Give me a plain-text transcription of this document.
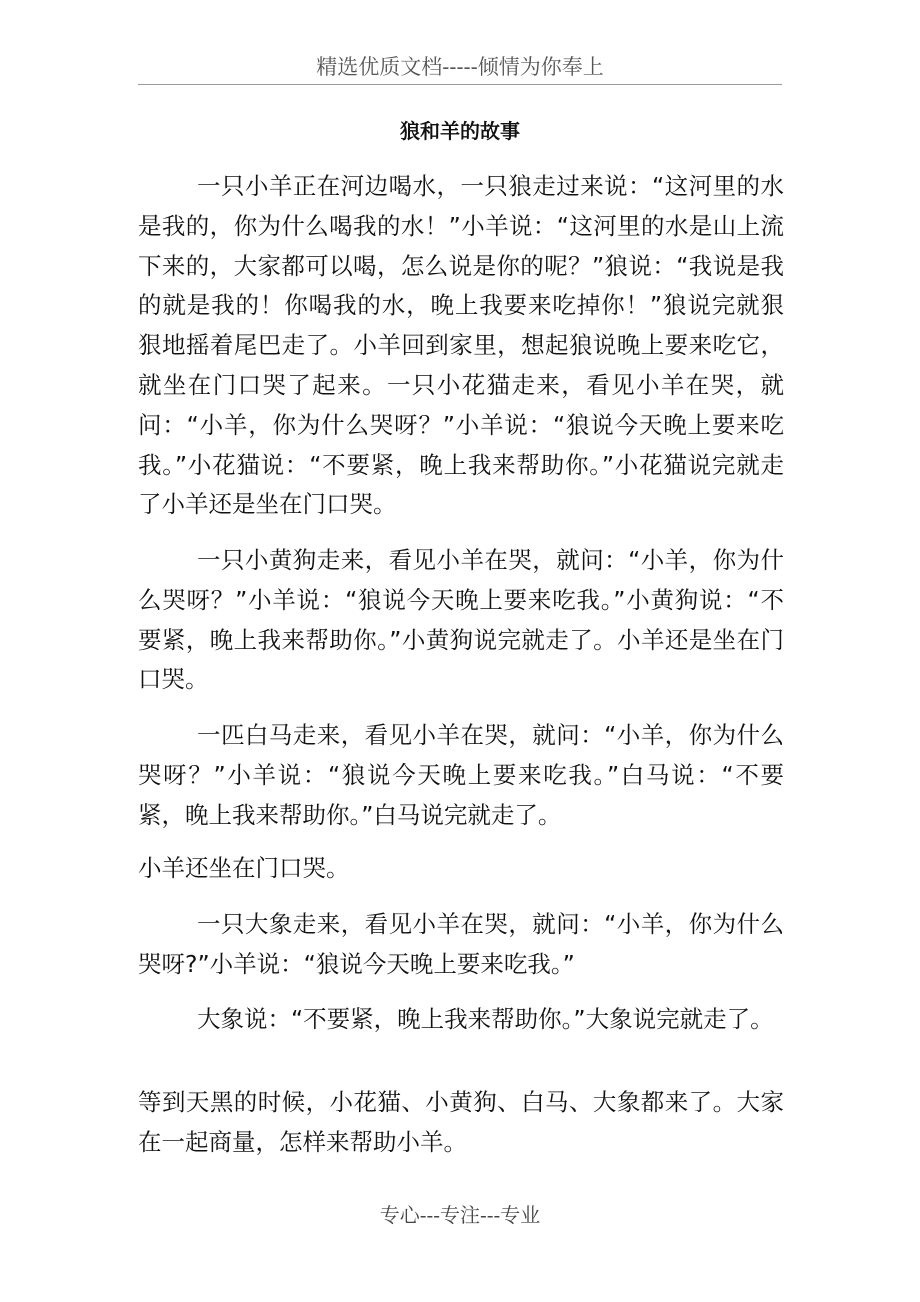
精选优质文档-----倾情为你奉上
狼和羊的故事

一只小羊正在河边喝水，一只狼走过来说：“这河里的水是我的，你为什么喝我的水！”小羊说：“这河里的水是山上流下来的，大家都可以喝，怎么说是你的呢？”狼说：“我说是我的就是我的！你喝我的水，晚上我要来吃掉你！”狼说完就狠狠地摇着尾巴走了。小羊回到家里，想起狼说晚上要来吃它，就坐在门口哭了起来。一只小花猫走来，看见小羊在哭，就问：“小羊，你为什么哭呀？”小羊说：“狼说今天晚上要来吃我。”小花猫说：“不要紧，晚上我来帮助你。”小花猫说完就走了小羊还是坐在门口哭。

一只小黄狗走来，看见小羊在哭，就问：“小羊，你为什么哭呀？”小羊说：“狼说今天晚上要来吃我。”小黄狗说：“不要紧，晚上我来帮助你。”小黄狗说完就走了。小羊还是坐在门口哭。

一匹白马走来，看见小羊在哭，就问：“小羊，你为什么哭呀？”小羊说：“狼说今天晚上要来吃我。”白马说：“不要紧，晚上我来帮助你。”白马说完就走了。

小羊还坐在门口哭。

一只大象走来，看见小羊在哭，就问：“小羊，你为什么哭呀?”小羊说：“狼说今天晚上要来吃我。”

大象说：“不要紧，晚上我来帮助你。”大象说完就走了。

等到天黑的时候，小花猫、小黄狗、白马、大象都来了。大家在一起商量，怎样来帮助小羊。

专心---专注---专业
